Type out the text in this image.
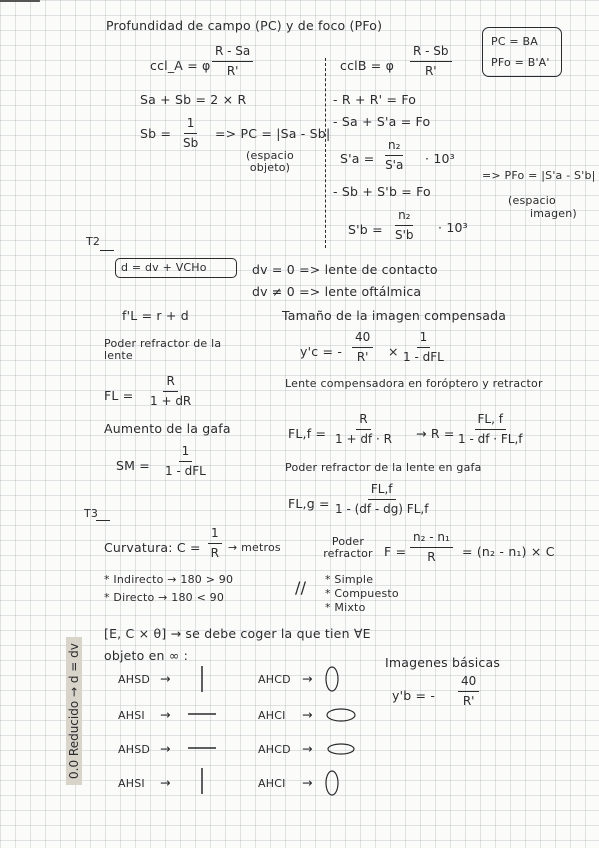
Profundidad de campo (PC) y de foco (PFo)
PC = BA
PFo = B'A'
ccl_A = φ $\frac{R - Sa}{R'}$
Sa + Sb = 2 × R
$Sb = \frac{1}{Sb}$ => PC = |Sa - Sb|
(espacio objeto)
cclB = φ $\frac{R - Sb}{R'}$
- R + R' = Fo
- Sa + S'a = Fo
$S'a = \frac{\text{n₂}}{S'a} \cdot 10^3$
- Sb + S'b = Fo
$S'b = \frac{\text{n₂}}{S'b} \cdot 10^3$
=> PFo = |S'a - S'b|
(espacio
imagen)
T2
d = dv + VCHo	dv = 0 => lente de contacto
dv ≠ 0 => lente oftálmica
f'L = r + d	Tamaño de la imagen compensada
Poder refractor de la lente	y'c = - $\frac{40}{R'}$ ×
1
1 - dFL
FL = $\frac{R}{1 + dR}$	Lente compensadora en foróptero y retractor
Aumento de la gafa	$FL,f = \frac{R}{1 + df \cdot R} \to R = \frac{FL, f}{1 - df \cdot FL,f}$
SM =
1
1 - dFL	Poder refractor de la lente en gafa
$FL,g = \frac{FL,f}{1 - (df - dg) FL,f}$
T3
Curvatura: $C = \frac{1}{R}$ → metros	Poder refractor $F = \frac{\text{n₂ - n₁}}{R} = (n_2 - n_1) \times C$
* Indirecto → 180 > 90
* Directo → 180 < 90
// * Simple
* Compuesto
* Mixto
[E, C × θ] → se debe coger la que tien ∀E
objeto en ∞ :	Imagenes básicas
y'b = - $\frac{40}{R'}$
AHSD →	AHCD →
AHSI →	AHCI →
AHSD →	AHCD →
AHSI →	AHCI →
0.0 Reducido → d = dv
